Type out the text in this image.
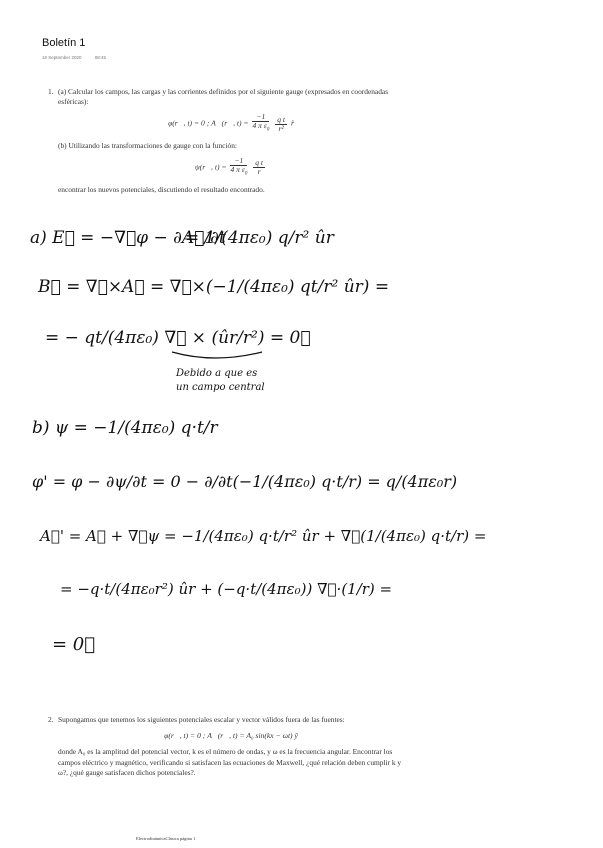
Boletín 1
16 September 2020	08:45
1. (a) Calcular los campos, las cargas y las corrientes definidos por el siguiente gauge (expresados en coordenadas esféricas):

φ(r⃗, t) = 0 ; A⃗(r⃗, $t) = \frac{-1}{4 \pi \varepsilon_0}$
$\frac{\text{q t}}{\text{r²}}$ r̂

(b) Utilizando las transformaciones de gauge con la función:

ψ(r⃗, $t) = \frac{-1}{4 \pi \varepsilon_0}$
$\frac{\text{q t}}{r}$

encontrar los nuevos potenciales, discutiendo el resultado encontrado.

a) E⃗ = −∇⃗φ − ∂A⃗/∂t
= 1/(4πε₀) q/r² ûr
B⃗ = ∇⃗×A⃗ = ∇⃗×(−1/(4πε₀) qt/r² ûr) =
= − qt/(4πε₀) ∇⃗ × (ûr/r²) = 0⃗
Debido a que es
un campo central
b) ψ = −1/(4πε₀) q·t/r
φ' = φ − ∂ψ/∂t = 0 − ∂/∂t(−1/(4πε₀) q·t/r) = q/(4πε₀r)
A⃗' = A⃗ + ∇⃗ψ = −1/(4πε₀) q·t/r² ûr + ∇⃗(1/(4πε₀) q·t/r) =
= −q·t/(4πε₀r²) ûr + (−q·t/(4πε₀)) ∇⃗·(1/r) =
= 0⃗
2. Supongamos que tenemos los siguientes potenciales escalar y vector válidos fuera de las fuentes:

φ(r⃗, t) = 0 ; A⃗(r⃗, t) = A₀ sin(kx − ωt) ŷ

donde A₀ es la amplitud del potencial vector, k es el número de ondas, y ω es la frecuencia angular. Encontrar los campos eléctrico y magnético, verificando si satisfacen las ecuaciones de Maxwell, ¿qué relación deben cumplir k y ω?, ¿qué gauge satisfacen dichos potenciales?.

ElectrodinámicaClásica página 1
